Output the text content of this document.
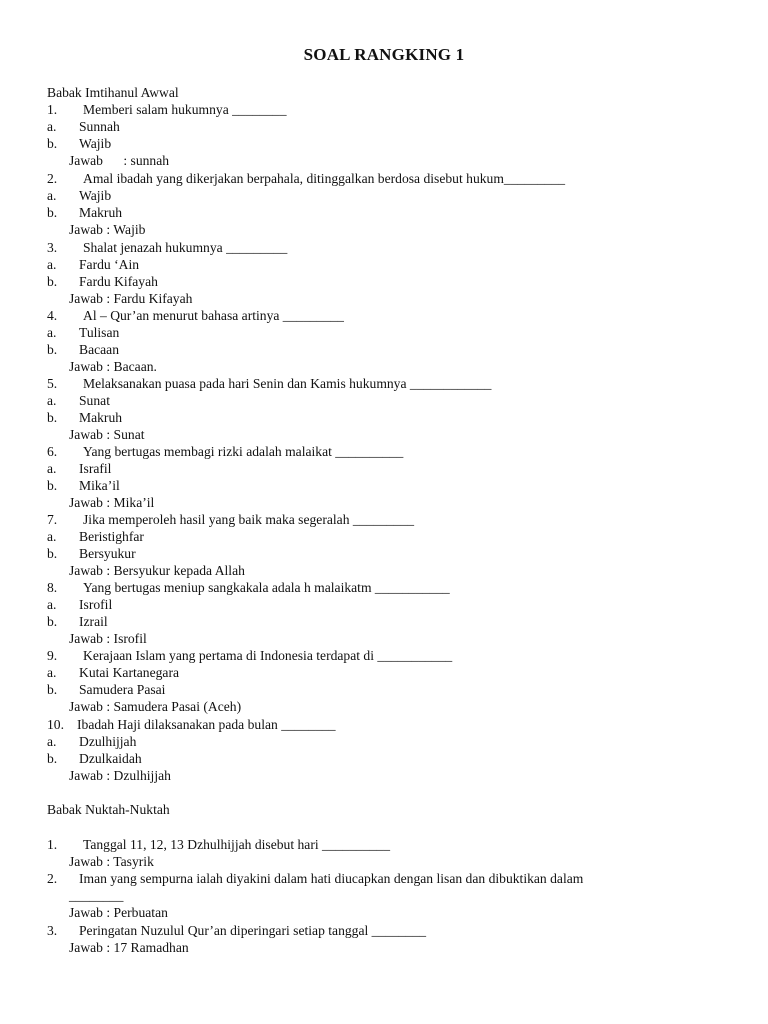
SOAL RANGKING 1
Babak Imtihanul Awwal
1. Memberi salam hukumnya ________
a. Sunnah
b. Wajib
Jawab      : sunnah
2. Amal ibadah yang dikerjakan berpahala, ditinggalkan berdosa disebut hukum_________
a. Wajib
b. Makruh
Jawab : Wajib
3. Shalat jenazah hukumnya _________
a. Fardu ‘Ain
b. Fardu Kifayah
Jawab : Fardu Kifayah
4. Al – Qur’an menurut bahasa artinya _________
a. Tulisan
b. Bacaan
Jawab : Bacaan.
5. Melaksanakan puasa pada hari Senin dan Kamis hukumnya ____________
a. Sunat
b. Makruh
Jawab : Sunat
6. Yang bertugas membagi rizki adalah malaikat __________
a. Israfil
b. Mika’il
Jawab : Mika’il
7. Jika memperoleh hasil yang baik maka segeralah _________
a. Beristighfar
b. Bersyukur
Jawab : Bersyukur kepada Allah
8. Yang bertugas meniup sangkakala adala h malaikatm ___________
a. Isrofil
b. Izrail
Jawab : Isrofil
9. Kerajaan Islam yang pertama di Indonesia terdapat di ___________
a. Kutai Kartanegara
b. Samudera Pasai
Jawab : Samudera Pasai (Aceh)
10. Ibadah Haji dilaksanakan pada bulan ________
a. Dzulhijjah
b. Dzulkaidah
Jawab : Dzulhijjah
Babak Nuktah-Nuktah
1. Tanggal 11, 12, 13 Dzhulhijjah disebut hari __________
Jawab : Tasyrik
2. Iman yang sempurna ialah diyakini dalam hati diucapkan dengan lisan dan dibuktikan dalam
________
Jawab : Perbuatan
3. Peringatan Nuzulul Qur’an diperingari setiap tanggal ________
Jawab : 17 Ramadhan
